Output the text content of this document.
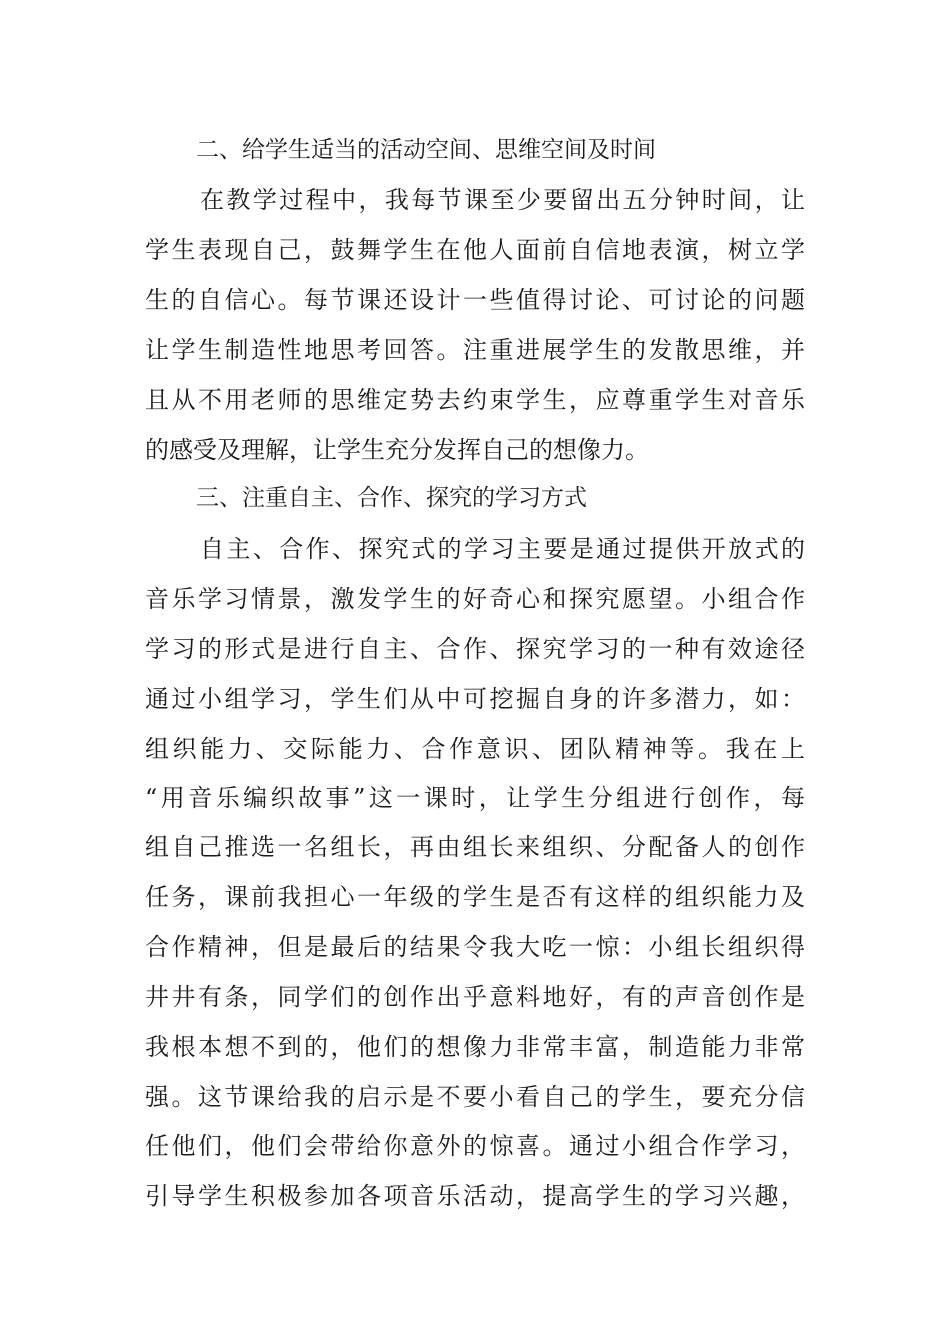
二、给学生适当的活动空间、思维空间及时间
在教学过程中，我每节课至少要留出五分钟时间，让
学生表现自己，鼓舞学生在他人面前自信地表演，树立学
生的自信心。每节课还设计一些值得讨论、可讨论的问题
让学生制造性地思考回答。注重进展学生的发散思维，并
且从不用老师的思维定势去约束学生，应尊重学生对音乐
的感受及理解，让学生充分发挥自己的想像力。
三、注重自主、合作、探究的学习方式
自主、合作、探究式的学习主要是通过提供开放式的
音乐学习情景，激发学生的好奇心和探究愿望。小组合作
学习的形式是进行自主、合作、探究学习的一种有效途径
通过小组学习，学生们从中可挖掘自身的许多潜力，如：
组织能力、交际能力、合作意识、团队精神等。我在上
“用音乐编织故事”这一课时，让学生分组进行创作，每
组自己推选一名组长，再由组长来组织、分配备人的创作
任务，课前我担心一年级的学生是否有这样的组织能力及
合作精神，但是最后的结果令我大吃一惊：小组长组织得
井井有条，同学们的创作出乎意料地好，有的声音创作是
我根本想不到的，他们的想像力非常丰富，制造能力非常
强。这节课给我的启示是不要小看自己的学生，要充分信
任他们，他们会带给你意外的惊喜。通过小组合作学习，
引导学生积极参加各项音乐活动，提高学生的学习兴趣，
